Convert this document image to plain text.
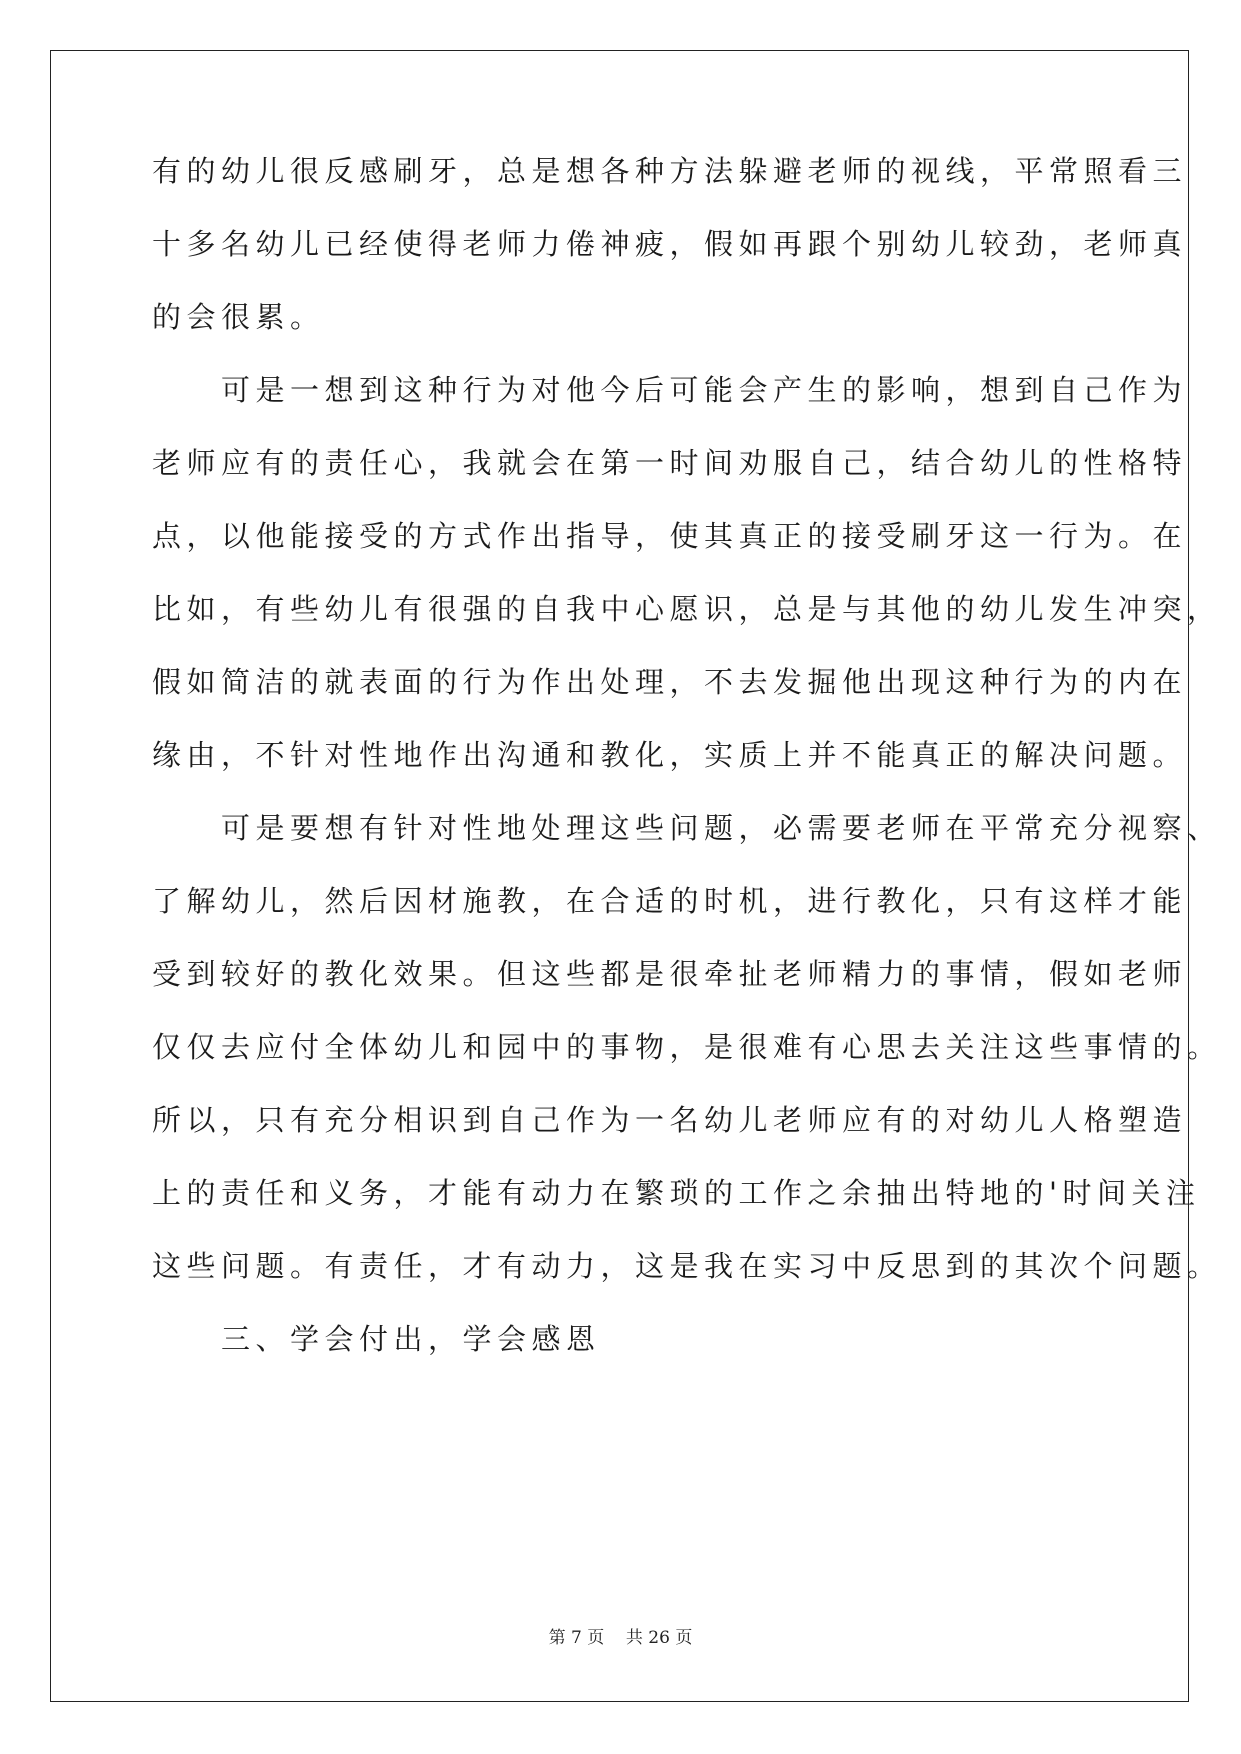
有的幼儿很反感刷牙，总是想各种方法躲避老师的视线，平常照看三
十多名幼儿已经使得老师力倦神疲，假如再跟个别幼儿较劲，老师真
的会很累。
　　可是一想到这种行为对他今后可能会产生的影响，想到自己作为
老师应有的责任心，我就会在第一时间劝服自己，结合幼儿的性格特
点，以他能接受的方式作出指导，使其真正的接受刷牙这一行为。在
比如，有些幼儿有很强的自我中心愿识，总是与其他的幼儿发生冲突，
假如简洁的就表面的行为作出处理，不去发掘他出现这种行为的内在
缘由，不针对性地作出沟通和教化，实质上并不能真正的解决问题。
　　可是要想有针对性地处理这些问题，必需要老师在平常充分视察、
了解幼儿，然后因材施教，在合适的时机，进行教化，只有这样才能
受到较好的教化效果。但这些都是很牵扯老师精力的事情，假如老师
仅仅去应付全体幼儿和园中的事物，是很难有心思去关注这些事情的。
所以，只有充分相识到自己作为一名幼儿老师应有的对幼儿人格塑造
上的责任和义务，才能有动力在繁琐的工作之余抽出特地的'时间关注
这些问题。有责任，才有动力，这是我在实习中反思到的其次个问题。
　　三、学会付出，学会感恩
第 7 页    共 26 页
